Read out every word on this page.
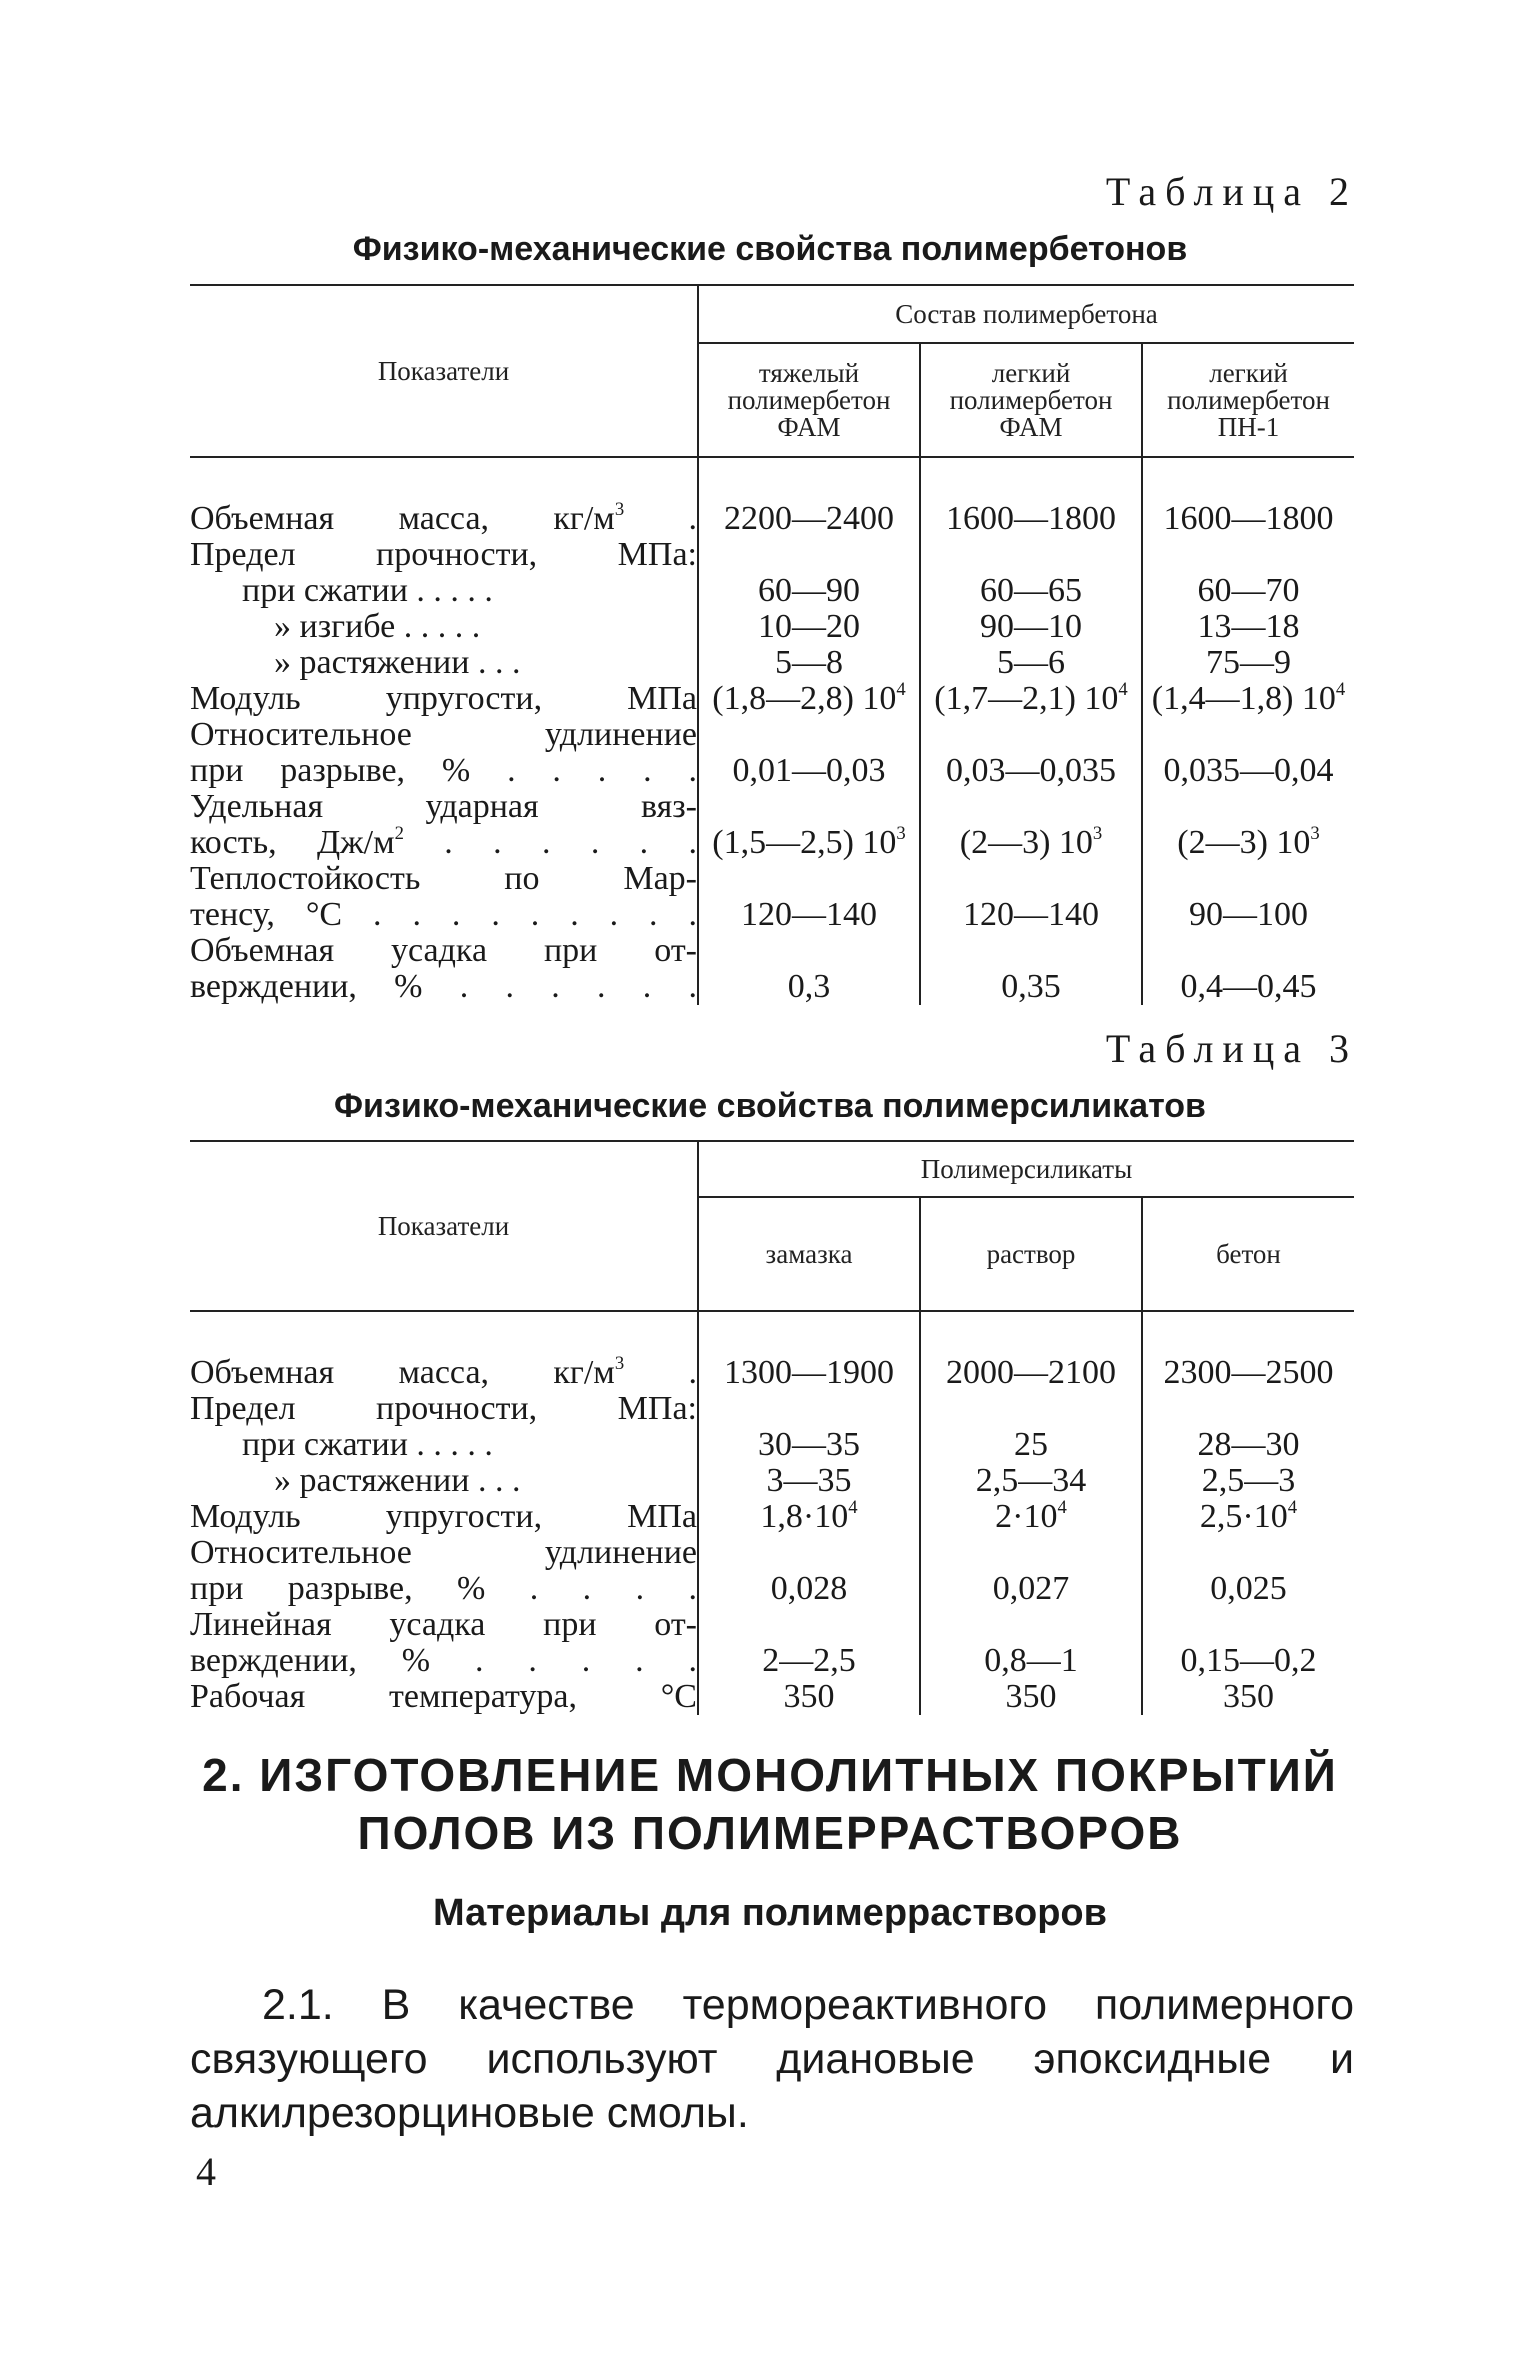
Таблица 2
Физико-механические свойства полимербетонов
Показатели	Состав полимербетона		

	тяжелый
полимербетон
ФАМ	легкий
полимербетон
ФАМ	легкий
полимербетон
ПН-1

Объемная масса, $кг/м^3$ .	2200—2400	1600—1800	1600—1800

Предел прочности, МПа:			

при сжатии . . . . .	60—90	60—65	60—70

» изгибе . . . . .	10—20	90—10	13—18

» растяжении . . .	5—8	5—6	75—9

Модуль упругости, МПа	(1,8—2,8) $10^4$	(1,7—2,1) $10^4$	(1,4—1,8) $10^4$

Относительное удлинение			

при разрыве, % . . . . .	0,01—0,03	0,03—0,035	0,035—0,04

Удельная ударная вяз-			

кость, $Дж/м^2$ . . . . . .	(1,5—2,5) $10^3$	(2—3) $10^3$	(2—3) $10^3$

Теплостойкость по Мар-			

тенсу, °С . . . . . . . . .	120—140	120—140	90—100

Объемная усадка при от-			

верждении, % . . . . . .	0,3	0,35	0,4—0,45
Таблица 3
Физико-механические свойства полимерсиликатов
Показатели	Полимерсиликаты		
	замазка	раствор	бетон

Объемная масса, $кг/м^3$ .	1300—1900	2000—2100	2300—2500

Предел прочности, МПа:			

при сжатии . . . . .	30—35	25	28—30

» растяжении . . .	3—35	2,5—34	2,5—3

Модуль упругости, МПа	$1,8\cdot 10^4$	$2\cdot 10^4$	$2,5\cdot 10^4$

Относительное удлинение			

при разрыве, % . . . .	0,028	0,027	0,025

Линейная усадка при от-			

верждении, % . . . . .	2—2,5	0,8—1	0,15—0,2

Рабочая температура, °С	350	350	350
2. ИЗГОТОВЛЕНИЕ МОНОЛИТНЫХ ПОКРЫТИЙ
ПОЛОВ ИЗ ПОЛИМЕРРАСТВОРОВ
Материалы для полимеррастворов

2.1. В качестве термореактивного полимерного связующего используют диановые эпоксидные и алкилрезорциновые смолы.

4
